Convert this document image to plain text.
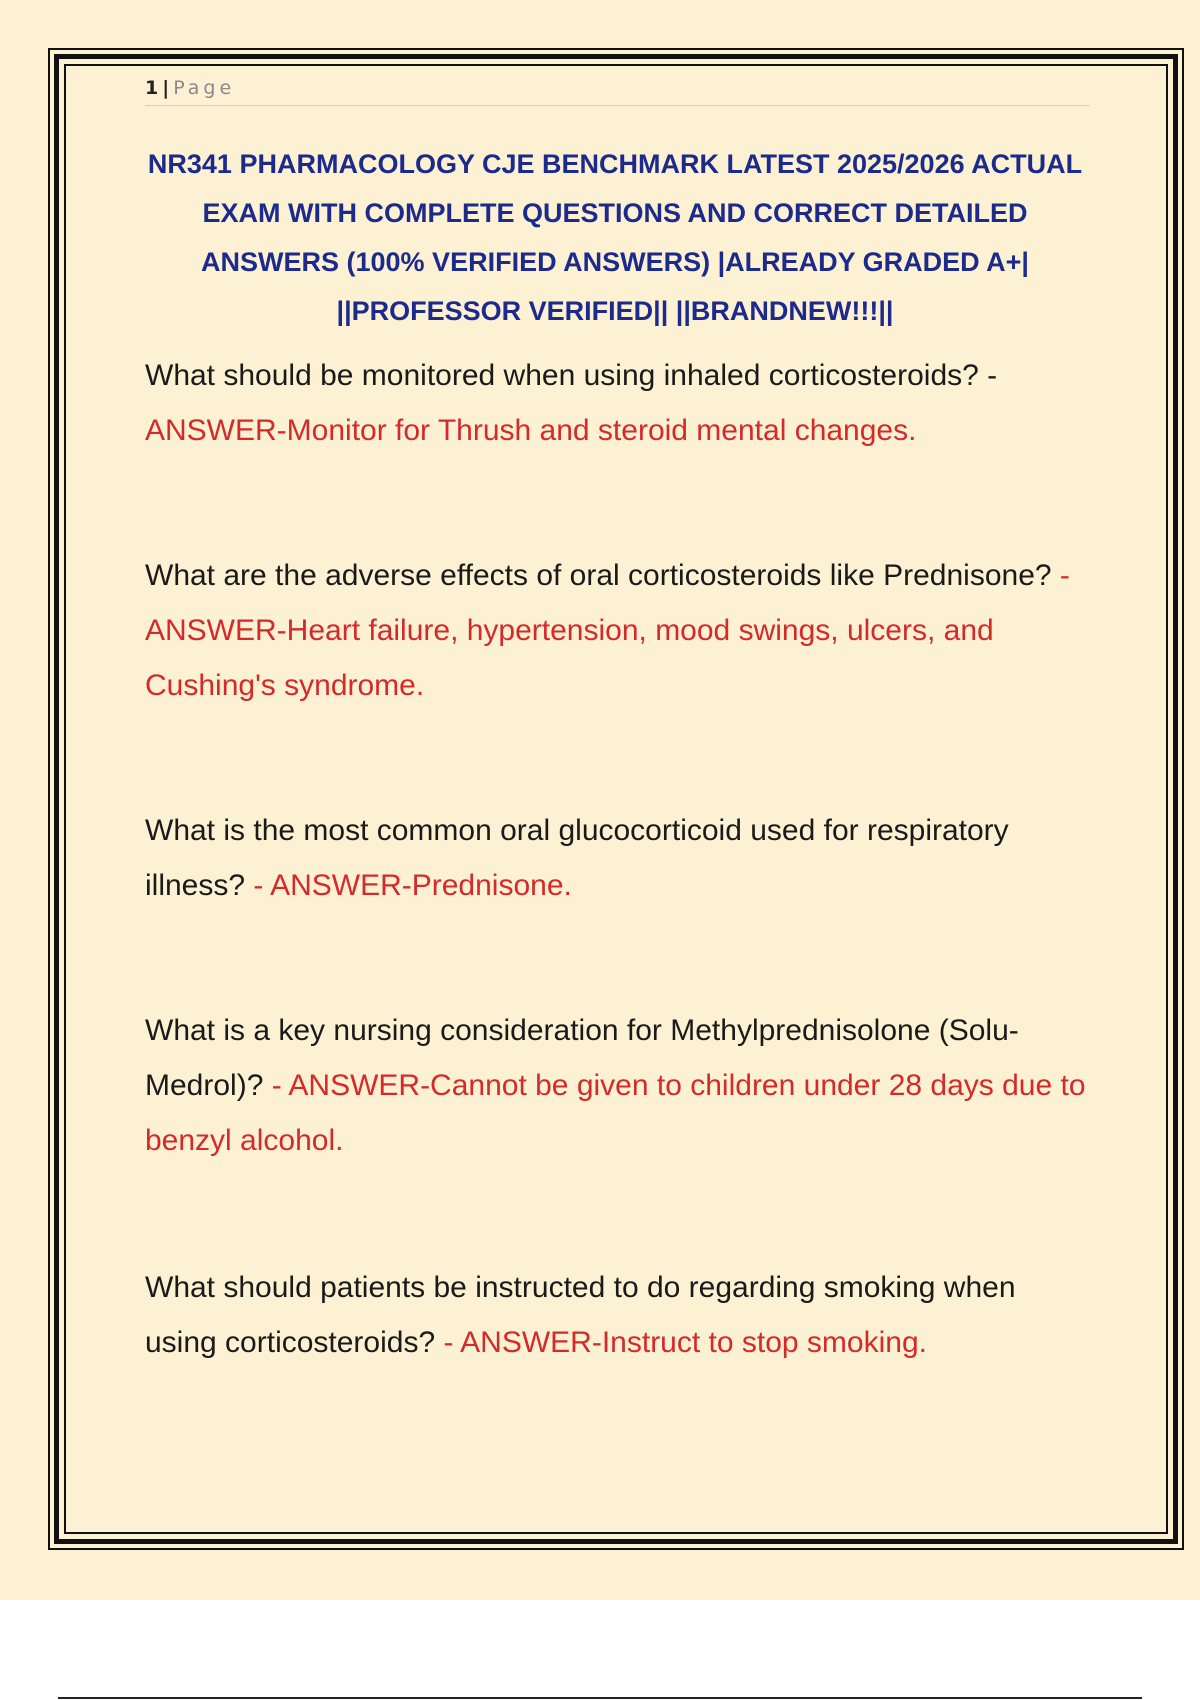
1 | Page
NR341 PHARMACOLOGY CJE BENCHMARK LATEST 2025/2026 ACTUAL EXAM WITH COMPLETE QUESTIONS AND CORRECT DETAILED ANSWERS (100% VERIFIED ANSWERS) |ALREADY GRADED A+| ||PROFESSOR VERIFIED|| ||BRANDNEW!!!||

What should be monitored when using inhaled corticosteroids? - ANSWER-Monitor for Thrush and steroid mental changes.

What are the adverse effects of oral corticosteroids like Prednisone? - ANSWER-Heart failure, hypertension, mood swings, ulcers, and Cushing's syndrome.

What is the most common oral glucocorticoid used for respiratory illness? - ANSWER-Prednisone.

What is a key nursing consideration for Methylprednisolone (Solu-Medrol)? - ANSWER-Cannot be given to children under 28 days due to benzyl alcohol.

What should patients be instructed to do regarding smoking when using corticosteroids? - ANSWER-Instruct to stop smoking.
